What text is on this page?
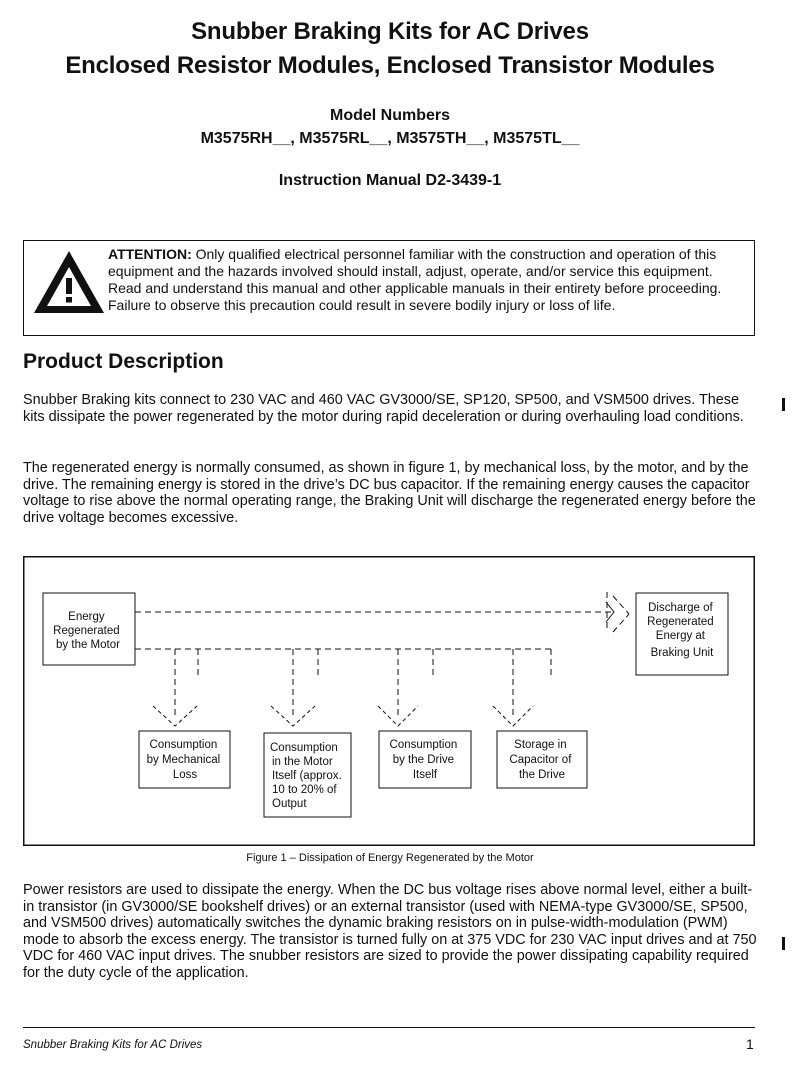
Snubber Braking Kits for AC Drives
Enclosed Resistor Modules, Enclosed Transistor Modules
Model Numbers
M3575RH__, M3575RL__, M3575TH__, M3575TL__
Instruction Manual D2-3439-1
ATTENTION: Only qualified electrical personnel familiar with the construction and operation of this equipment and the hazards involved should install, adjust, operate, and/or service this equipment. Read and understand this manual and other applicable manuals in their entirety before proceeding. Failure to observe this precaution could result in severe bodily injury or loss of life.
Product Description

Snubber Braking kits connect to 230 VAC and 460 VAC GV3000/SE, SP120, SP500, and VSM500 drives. These kits dissipate the power regenerated by the motor during rapid deceleration or during overhauling load conditions.

The regenerated energy is normally consumed, as shown in figure 1, by mechanical loss, by the motor, and by the drive. The remaining energy is stored in the drive’s DC bus capacitor. If the remaining energy causes the capacitor voltage to rise above the normal operating range, the Braking Unit will discharge the regenerated energy before the drive voltage becomes excessive.

Energy Regenerated by the Motor
Discharge of Regenerated Energy at Braking Unit
Consumption by Mechanical Loss
Consumption in the Motor Itself (approx. 10 to 20% of Output
Consumption by the Drive Itself
Storage in Capacitor of the Drive
Figure 1 – Dissipation of Energy Regenerated by the Motor

Power resistors are used to dissipate the energy. When the DC bus voltage rises above normal level, either a built-in transistor (in GV3000/SE bookshelf drives) or an external transistor (used with NEMA-type GV3000/SE, SP500, and VSM500 drives) automatically switches the dynamic braking resistors on in pulse-width-modulation (PWM) mode to absorb the excess energy. The transistor is turned fully on at 375 VDC for 230 VAC input drives and at 750 VDC for 460 VAC input drives. The snubber resistors are sized to provide the power dissipating capability required for the duty cycle of the application.

Snubber Braking Kits for AC Drives	1
